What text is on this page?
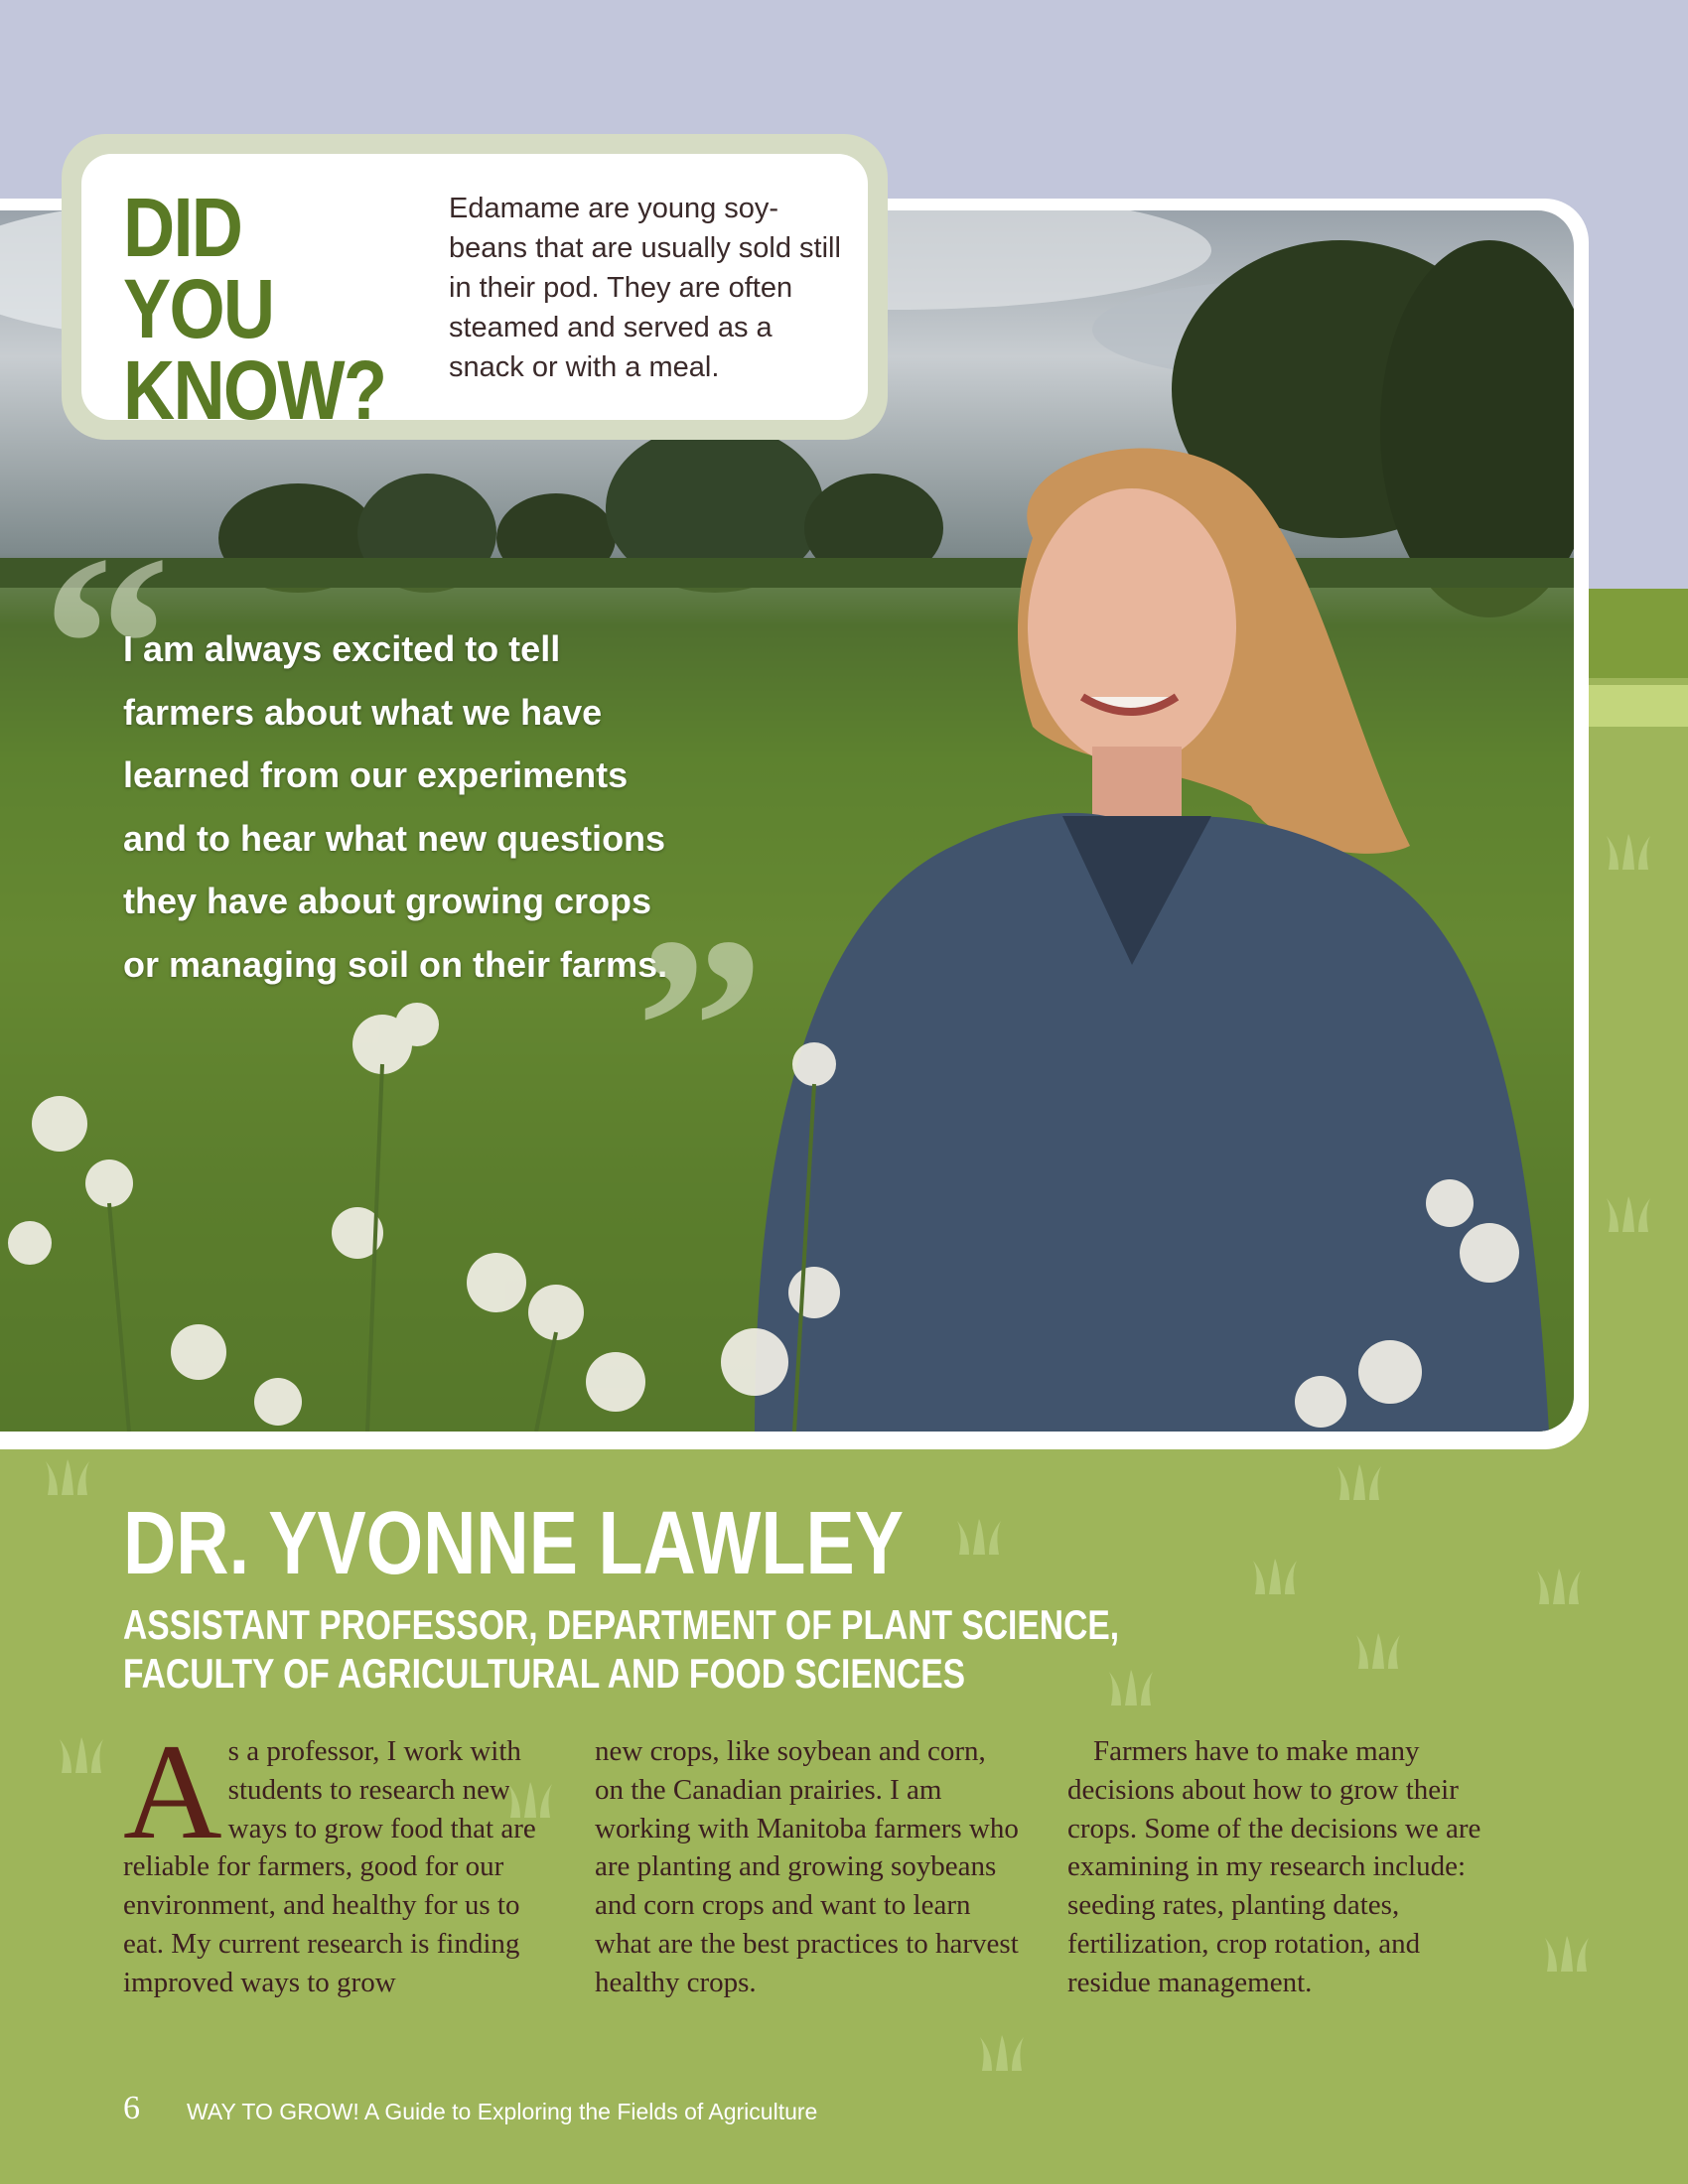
DID YOU
KNOW?
Edamame are young soy-beans that are usually sold still in their pod. They are often steamed and served as a snack or with a meal.
“
I am always excited to tell
farmers about what we have
learned from our experiments
and to hear what new questions
they have about growing crops
or managing soil on their farms.
”
DR. YVONNE LAWLEY
ASSISTANT PROFESSOR, DEPARTMENT OF PLANT SCIENCE,
FACULTY OF AGRICULTURAL AND FOOD SCIENCES
As a professor, I work with students to research new ways to grow food that are reliable for farmers, good for our environment, and healthy for us to eat. My current research is finding improved ways to grow
new crops, like soybean and corn, on the Canadian prairies. I am working with Manitoba farmers who are planting and growing soybeans and corn crops and want to learn what are the best practices to harvest healthy crops.
Farmers have to make many decisions about how to grow their crops. Some of the decisions we are examining in my research include: seeding rates, planting dates, fertilization, crop rotation, and residue management.
6 WAY TO GROW! A Guide to Exploring the Fields of Agriculture
